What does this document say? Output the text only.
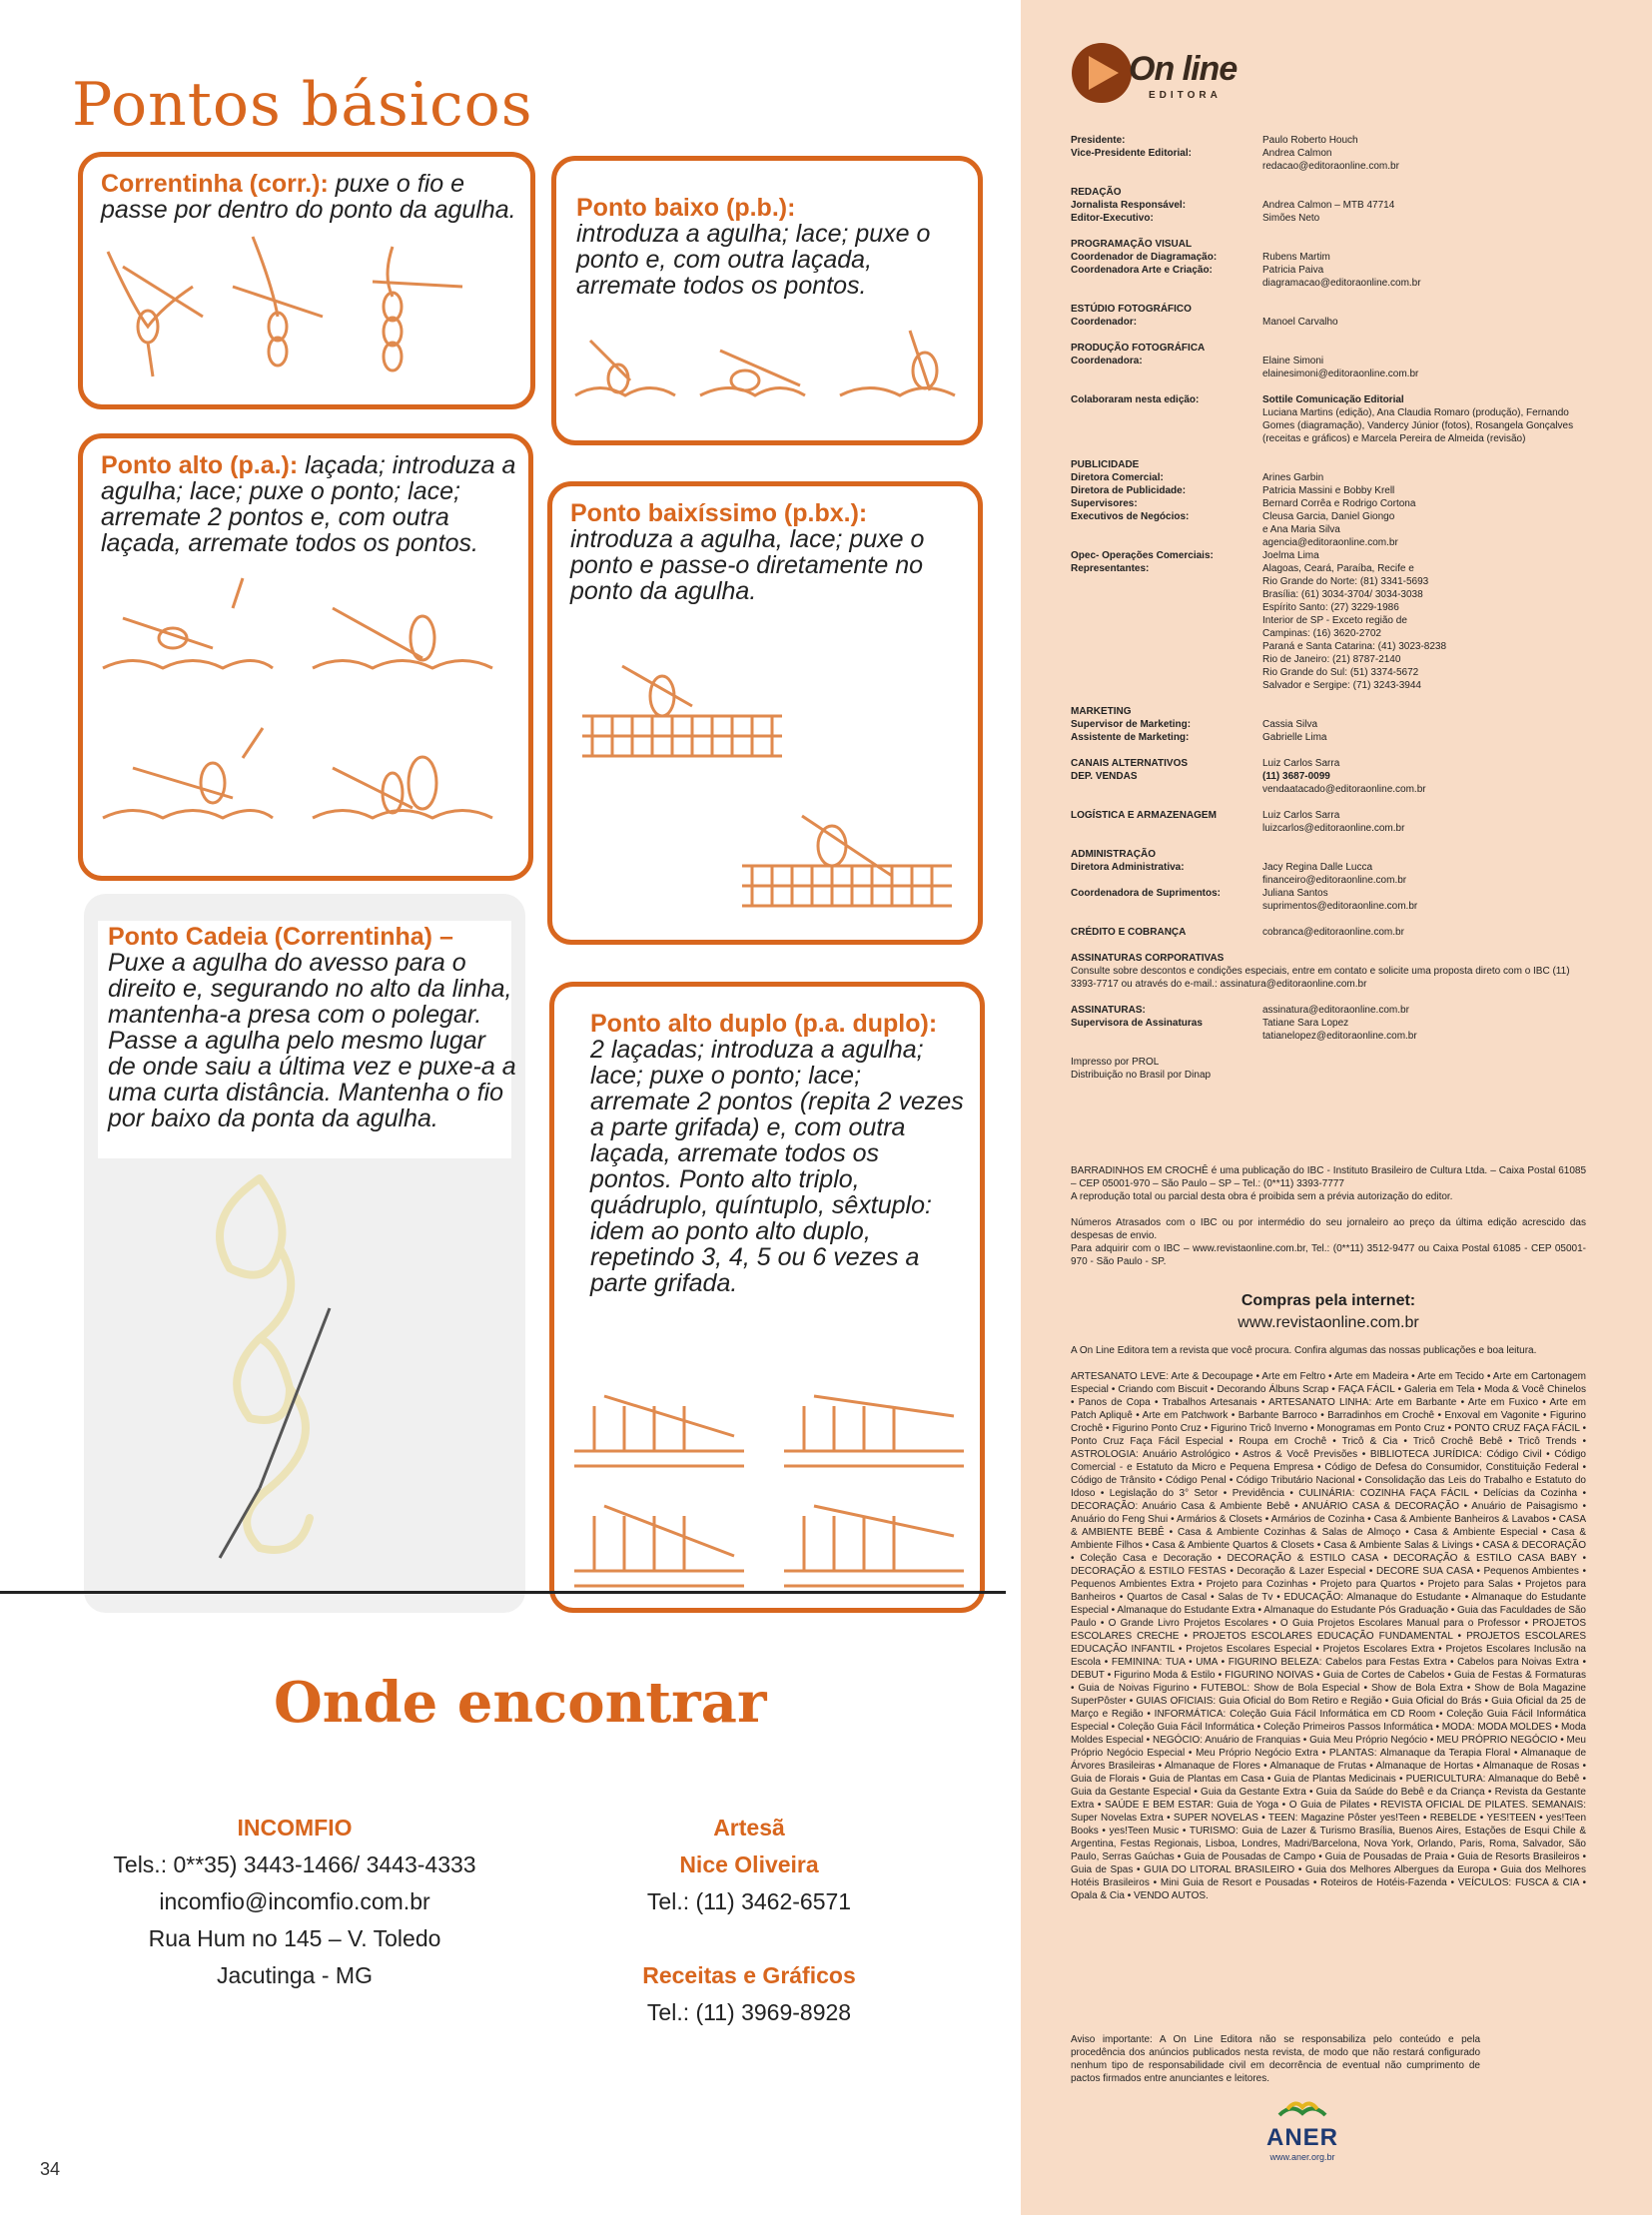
Pontos básicos
Correntinha (corr.): puxe o fio e passe por dentro do ponto da agulha.	Ponto baixo (p.b.):
introduza a agulha; lace; puxe o ponto e, com outra laçada, arremate todos os pontos.
Ponto alto (p.a.): laçada; introduza a agulha; lace; puxe o ponto; lace; arremate 2 pontos e, com outra laçada, arremate todos os pontos.
Ponto baixíssimo (p.bx.):
introduza a agulha, lace; puxe o ponto e passe-o diretamente no ponto da agulha.
Ponto Cadeia (Correntinha) –
Puxe a agulha do avesso para o direito e, segurando no alto da linha, mantenha-a presa com o polegar. Passe a agulha pelo mesmo lugar de onde saiu a última vez e puxe-a a uma curta distância. Mantenha o fio por baixo da ponta da agulha.
Ponto alto duplo (p.a. duplo):
2 laçadas; introduza a agulha; lace; puxe o ponto; lace; arremate 2 pontos (repita 2 vezes a parte grifada) e, com outra laçada, arremate todos os pontos. Ponto alto triplo, quádruplo, quíntuplo, sêxtuplo: idem ao ponto alto duplo, repetindo 3, 4, 5 ou 6 vezes a parte grifada.
Onde encontrar
INCOMFIO
Tels.: 0**35) 3443-1466/ 3443-4333
incomfio@incomfio.com.br
Rua Hum no 145 – V. Toledo
Jacutinga - MG
Artesã
Nice Oliveira
Tel.: (11) 3462-6571
Receitas e Gráficos
Tel.: (11) 3969-8928
34
On line
EDITORA
Presidente:	Paulo Roberto Houch
Vice-Presidente Editorial:	Andrea Calmon
redacao@editoraonline.com.br
REDAÇÃO
Jornalista Responsável:	Andrea Calmon – MTB 47714
Editor-Executivo:	Simões Neto
PROGRAMAÇÃO VISUAL
Coordenador de Diagramação:	Rubens Martim
Coordenadora Arte e Criação:	Patricia Paiva
diagramacao@editoraonline.com.br
ESTÚDIO FOTOGRÁFICO
Coordenador:	Manoel Carvalho
PRODUÇÃO FOTOGRÁFICA
Coordenadora:	Elaine Simoni
elainesimoni@editoraonline.com.br
Colaboraram nesta edição:	Sottile Comunicação Editorial
Luciana Martins (edição), Ana Claudia Romaro (produção), Fernando Gomes (diagramação), Vandercy Júnior (fotos), Rosangela Gonçalves (receitas e gráficos) e Marcela Pereira de Almeida (revisão)
PUBLICIDADE
Diretora Comercial:	Arines Garbin
Diretora de Publicidade:	Patricia Massini e Bobby Krell
Supervisores:	Bernard Corrêa e Rodrigo Cortona
Executivos de Negócios:	Cleusa Garcia, Daniel Giongo
e Ana Maria Silva
agencia@editoraonline.com.br
Opec- Operações Comerciais:	Joelma Lima
Representantes:	Alagoas, Ceará, Paraíba, Recife e
Rio Grande do Norte: (81) 3341-5693
Brasília: (61) 3034-3704/ 3034-3038
Espírito Santo: (27) 3229-1986
Interior de SP - Exceto região de
Campinas: (16) 3620-2702
Paraná e Santa Catarina: (41) 3023-8238
Rio de Janeiro: (21) 8787-2140
Rio Grande do Sul: (51) 3374-5672
Salvador e Sergipe: (71) 3243-3944
MARKETING
Supervisor de Marketing:	Cassia Silva
Assistente de Marketing:	Gabrielle Lima
CANAIS ALTERNATIVOS	Luiz Carlos Sarra
DEP. VENDAS	(11) 3687-0099
vendaatacado@editoraonline.com.br
LOGÍSTICA E ARMAZENAGEM	Luiz Carlos Sarra
luizcarlos@editoraonline.com.br
ADMINISTRAÇÃO
Diretora Administrativa:	Jacy Regina Dalle Lucca
financeiro@editoraonline.com.br
Coordenadora de Suprimentos:	Juliana Santos
suprimentos@editoraonline.com.br
CRÉDITO E COBRANÇA	cobranca@editoraonline.com.br
ASSINATURAS CORPORATIVAS
Consulte sobre descontos e condições especiais, entre em contato e solicite uma proposta direto com o IBC (11) 3393-7717 ou através do e-mail.: assinatura@editoraonline.com.br
ASSINATURAS:	assinatura@editoraonline.com.br
Supervisora de Assinaturas	Tatiane Sara Lopez
tatianelopez@editoraonline.com.br
Impresso por PROL
Distribuição no Brasil por Dinap
BARRADINHOS EM CROCHÊ é uma publicação do IBC - Instituto Brasileiro de Cultura Ltda. – Caixa Postal 61085 – CEP 05001-970 – São Paulo – SP – Tel.: (0**11) 3393-7777
A reprodução total ou parcial desta obra é proibida sem a prévia autorização do editor.
Números Atrasados com o IBC ou por intermédio do seu jornaleiro ao preço da última edição acrescido das despesas de envio.
Para adquirir com o IBC – www.revistaonline.com.br, Tel.: (0**11) 3512-9477 ou Caixa Postal 61085 - CEP 05001-970 - São Paulo - SP.
Compras pela internet:
www.revistaonline.com.br
A On Line Editora tem a revista que você procura. Confira algumas das nossas publicações e boa leitura.
ARTESANATO LEVE: Arte & Decoupage • Arte em Feltro • Arte em Madeira • Arte em Tecido • Arte em Cartonagem Especial • Criando com Biscuit • Decorando Álbuns Scrap • FAÇA FÁCIL • Galeria em Tela • Moda & Você Chinelos • Panos de Copa • Trabalhos Artesanais • ARTESANATO LINHA: Arte em Barbante • Arte em Fuxico • Arte em Patch Apliquê • Arte em Patchwork • Barbante Barroco • Barradinhos em Crochê • Enxoval em Vagonite • Figurino Crochê • Figurino Ponto Cruz • Figurino Tricô Inverno • Monogramas em Ponto Cruz • PONTO CRUZ FAÇA FÁCIL • Ponto Cruz Faça Fácil Especial • Roupa em Crochê • Tricô & Cia • Tricô Crochê Bebê • Tricô Trends • ASTROLOGIA: Anuário Astrológico • Astros & Você Previsões • BIBLIOTECA JURÍDICA: Código Civil • Código Comercial - e Estatuto da Micro e Pequena Empresa • Código de Defesa do Consumidor, Constituição Federal • Código de Trânsito • Código Penal • Código Tributário Nacional • Consolidação das Leis do Trabalho e Estatuto do Idoso • Legislação do 3° Setor • Previdência • CULINÁRIA: COZINHA FAÇA FÁCIL • Delícias da Cozinha • DECORAÇÃO: Anuário Casa & Ambiente Bebê • ANUÁRIO CASA & DECORAÇÃO • Anuário de Paisagismo • Anuário do Feng Shui • Armários & Closets • Armários de Cozinha • Casa & Ambiente Banheiros & Lavabos • CASA & AMBIENTE BEBÊ • Casa & Ambiente Cozinhas & Salas de Almoço • Casa & Ambiente Especial • Casa & Ambiente Filhos • Casa & Ambiente Quartos & Closets • Casa & Ambiente Salas & Livings • CASA & DECORAÇÃO • Coleção Casa e Decoração • DECORAÇÃO & ESTILO CASA • DECORAÇÃO & ESTILO CASA BABY • DECORAÇÃO & ESTILO FESTAS • Decoração & Lazer Especial • DECORE SUA CASA • Pequenos Ambientes • Pequenos Ambientes Extra • Projeto para Cozinhas • Projeto para Quartos • Projeto para Salas • Projetos para Banheiros • Quartos de Casal • Salas de Tv • EDUCAÇÃO: Almanaque do Estudante • Almanaque do Estudante Especial • Almanaque do Estudante Extra • Almanaque do Estudante Pós Graduação • Guia das Faculdades de São Paulo • O Grande Livro Projetos Escolares • O Guia Projetos Escolares Manual para o Professor • PROJETOS ESCOLARES CRECHE • PROJETOS ESCOLARES EDUCAÇÃO FUNDAMENTAL • PROJETOS ESCOLARES EDUCAÇÃO INFANTIL • Projetos Escolares Especial • Projetos Escolares Extra • Projetos Escolares Inclusão na Escola • FEMININA: TUA • UMA • FIGURINO BELEZA: Cabelos para Festas Extra • Cabelos para Noivas Extra • DEBUT • Figurino Moda & Estilo • FIGURINO NOIVAS • Guia de Cortes de Cabelos • Guia de Festas & Formaturas • Guia de Noivas Figurino • FUTEBOL: Show de Bola Especial • Show de Bola Extra • Show de Bola Magazine SuperPôster • GUIAS OFICIAIS: Guia Oficial do Bom Retiro e Região • Guia Oficial do Brás • Guia Oficial da 25 de Março e Região • INFORMÁTICA: Coleção Guia Fácil Informática em CD Room • Coleção Guia Fácil Informática Especial • Coleção Guia Fácil Informática • Coleção Primeiros Passos Informática • MODA: MODA MOLDES • Moda Moldes Especial • NEGÓCIO: Anuário de Franquias • Guia Meu Próprio Negócio • MEU PRÓPRIO NEGÓCIO • Meu Próprio Negócio Especial • Meu Próprio Negócio Extra • PLANTAS: Almanaque da Terapia Floral • Almanaque de Árvores Brasileiras • Almanaque de Flores • Almanaque de Frutas • Almanaque de Hortas • Almanaque de Rosas • Guia de Florais • Guia de Plantas em Casa • Guia de Plantas Medicinais • PUERICULTURA: Almanaque do Bebê • Guia da Gestante Especial • Guia da Gestante Extra • Guia da Saúde do Bebê e da Criança • Revista da Gestante Extra • SAÚDE E BEM ESTAR: Guia de Yoga • O Guia de Pilates • REVISTA OFICIAL DE PILATES. SEMANAIS: Super Novelas Extra • SUPER NOVELAS • TEEN: Magazine Pôster yes!Teen • REBELDE • YES!TEEN • yes!Teen Books • yes!Teen Music • TURISMO: Guia de Lazer & Turismo Brasília, Buenos Aires, Estações de Esqui Chile & Argentina, Festas Regionais, Lisboa, Londres, Madri/Barcelona, Nova York, Orlando, Paris, Roma, Salvador, São Paulo, Serras Gaúchas • Guia de Pousadas de Campo • Guia de Pousadas de Praia • Guia de Resorts Brasileiros • Guia de Spas • GUIA DO LITORAL BRASILEIRO • Guia dos Melhores Albergues da Europa • Guia dos Melhores Hotéis Brasileiros • Mini Guia de Resort e Pousadas • Roteiros de Hotéis-Fazenda • VEÍCULOS: FUSCA & CIA • Opala & Cia • VENDO AUTOS.
Aviso importante: A On Line Editora não se responsabiliza pelo conteúdo e pela procedência dos anúncios publicados nesta revista, de modo que não restará configurado nenhum tipo de responsabilidade civil em decorrência de eventual não cumprimento de pactos firmados entre anunciantes e leitores.
ANER
www.aner.org.br
